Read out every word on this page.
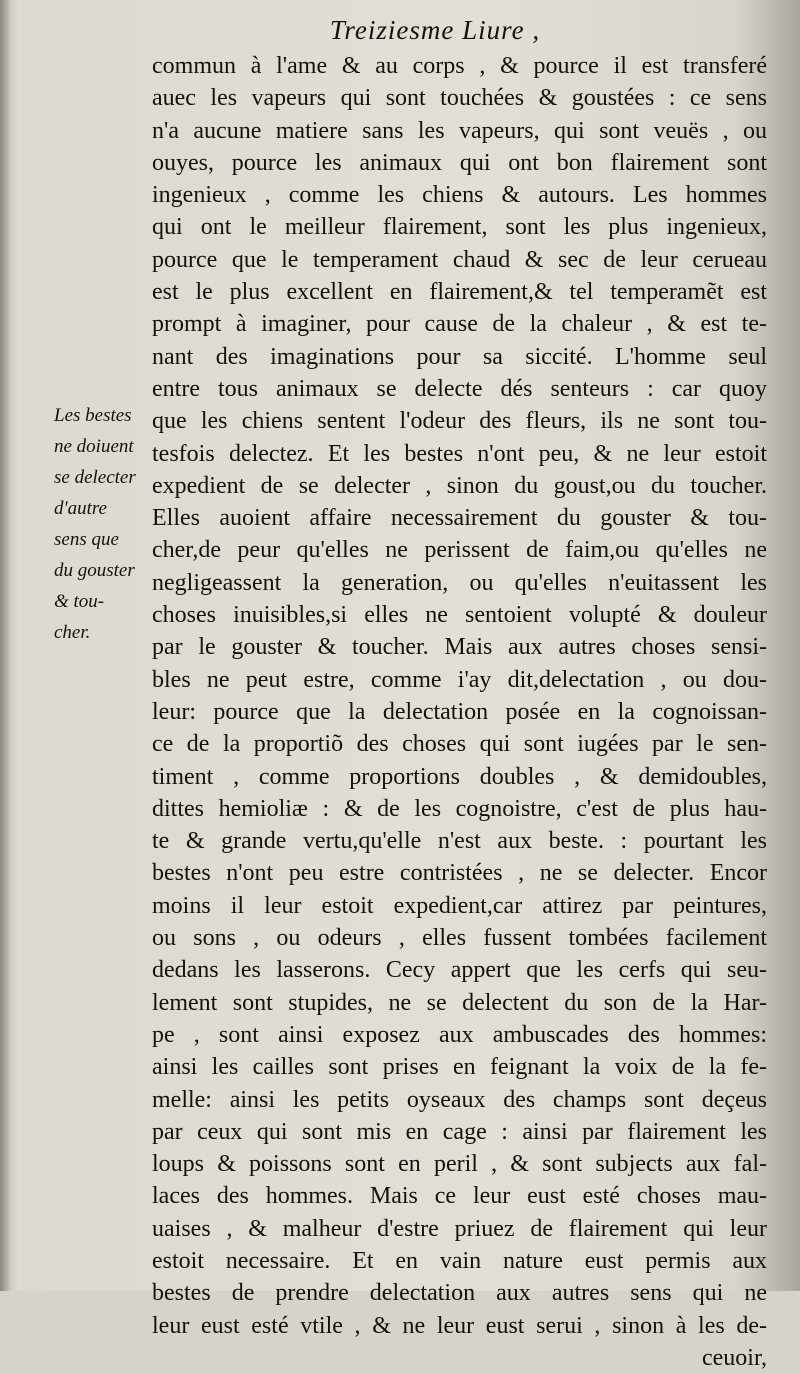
Treiziesme Liure ,
commun à l'ame & au corps , & pource il est transferé
auec les vapeurs qui sont touchées & goustées : ce sens
n'a aucune matiere sans les vapeurs, qui sont veuës , ou
ouyes, pource les animaux qui ont bon flairement sont
ingenieux , comme les chiens & autours. Les hommes
qui ont le meilleur flairement, sont les plus ingenieux,
pource que le temperament chaud & sec de leur cerueau
est le plus excellent en flairement,& tel temperamẽt est
prompt à imaginer, pour cause de la chaleur , & est te-
nant des imaginations pour sa siccité. L'homme seul
entre tous animaux se delecte dés senteurs : car quoy
que les chiens sentent l'odeur des fleurs, ils ne sont tou-
tesfois delectez. Et les bestes n'ont peu, & ne leur estoit
expedient de se delecter , sinon du goust,ou du toucher.
Elles auoient affaire necessairement du gouster & tou-
cher,de peur qu'elles ne perissent de faim,ou qu'elles ne
negligeassent la generation, ou qu'elles n'euitassent les
choses inuisibles,si elles ne sentoient volupté & douleur
par le gouster & toucher. Mais aux autres choses sensi-
bles ne peut estre, comme i'ay dit,delectation , ou dou-
leur: pource que la delectation posée en la cognoissan-
ce de la proportiõ des choses qui sont iugées par le sen-
timent , comme proportions doubles , & demidoubles,
dittes hemioliæ : & de les cognoistre, c'est de plus hau-
te & grande vertu,qu'elle n'est aux beste. : pourtant les
bestes n'ont peu estre contristées , ne se delecter. Encor
moins il leur estoit expedient,car attirez par peintures,
ou sons , ou odeurs , elles fussent tombées facilement
dedans les lasserons. Cecy appert que les cerfs qui seu-
lement sont stupides, ne se delectent du son de la Har-
pe , sont ainsi exposez aux ambuscades des hommes:
ainsi les cailles sont prises en feignant la voix de la fe-
melle: ainsi les petits oyseaux des champs sont deçeus
par ceux qui sont mis en cage : ainsi par flairement les
loups & poissons sont en peril , & sont subjects aux fal-
laces des hommes. Mais ce leur eust esté choses mau-
uaises , & malheur d'estre priuez de flairement qui leur
estoit necessaire. Et en vain nature eust permis aux
bestes de prendre delectation aux autres sens qui ne
leur eust esté vtile , & ne leur eust serui , sinon à les de-
ceuoir,
Les bestes
ne doiuent
se delecter
d'autre
sens que
du gouster
& tou-
cher.
